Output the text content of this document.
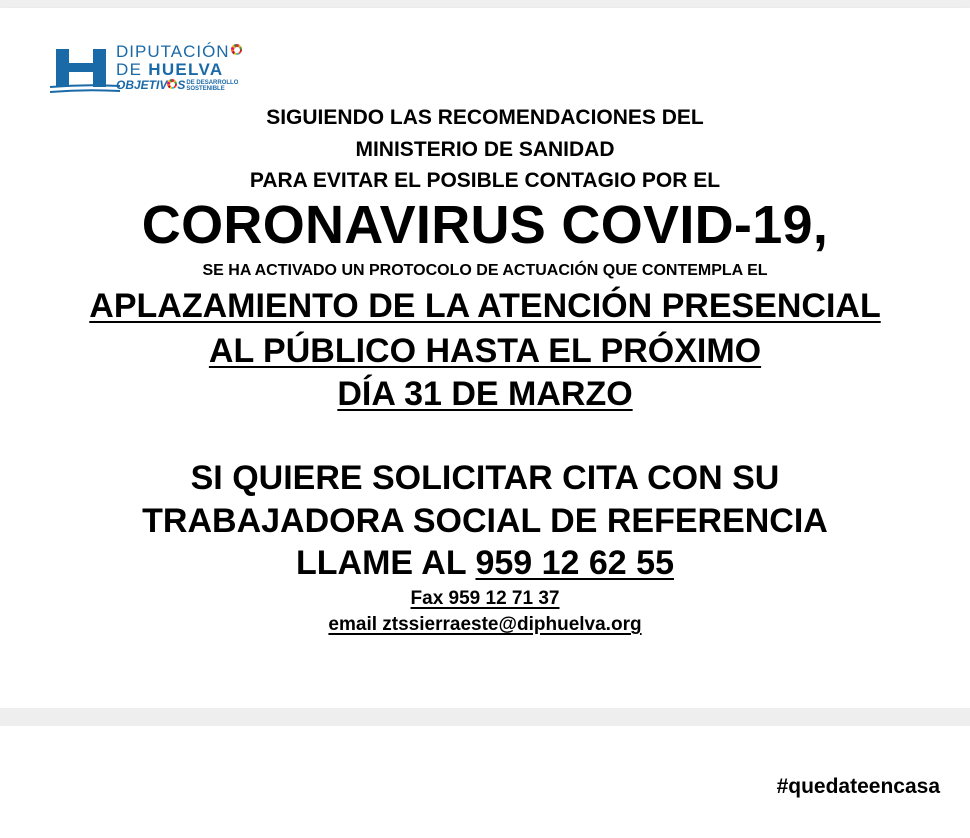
DIPUTACIÓN
DE HUELVA
OBJETIV SDE DESARROLLO
SOSTENIBLE
SIGUIENDO LAS RECOMENDACIONES DEL
MINISTERIO DE SANIDAD
PARA EVITAR EL POSIBLE CONTAGIO POR EL
CORONAVIRUS COVID-19,
SE HA ACTIVADO UN PROTOCOLO DE ACTUACIÓN QUE CONTEMPLA EL
APLAZAMIENTO DE LA ATENCIÓN PRESENCIAL
AL PÚBLICO HASTA EL PRÓXIMO
DÍA 31 DE MARZO
SI QUIERE SOLICITAR CITA CON SU
TRABAJADORA SOCIAL DE REFERENCIA
LLAME AL 959 12 62 55
Fax 959 12 71 37
email ztssierraeste@diphuelva.org
#quedateencasa
